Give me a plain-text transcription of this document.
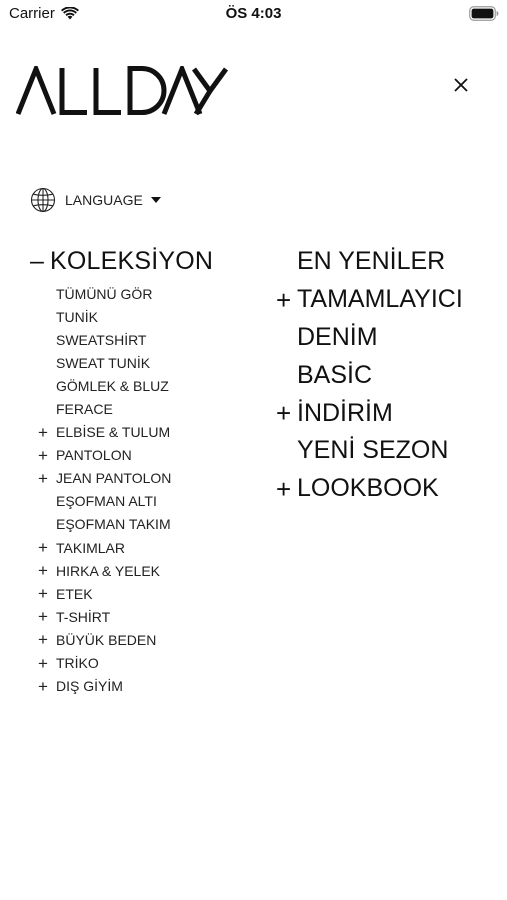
Carrier	ÖS 4:03
LANGUAGE
– KOLEKSİYON
TÜMÜNÜ GÖR
TUNİK
SWEATSHİRT
SWEAT TUNİK
GÖMLEK & BLUZ
FERACE
+ ELBİSE & TULUM
+ PANTOLON
+ JEAN PANTOLON
EŞOFMAN ALTI
EŞOFMAN TAKIM
+ TAKIMLAR
+ HIRKA & YELEK
+ ETEK
+ T-SHİRT
+ BÜYÜK BEDEN
+ TRİKO
+ DIŞ GİYİM
EN YENİLER
+ TAMAMLAYICI
DENİM
BASİC
+ İNDİRİM
YENİ SEZON
+ LOOKBOOK
